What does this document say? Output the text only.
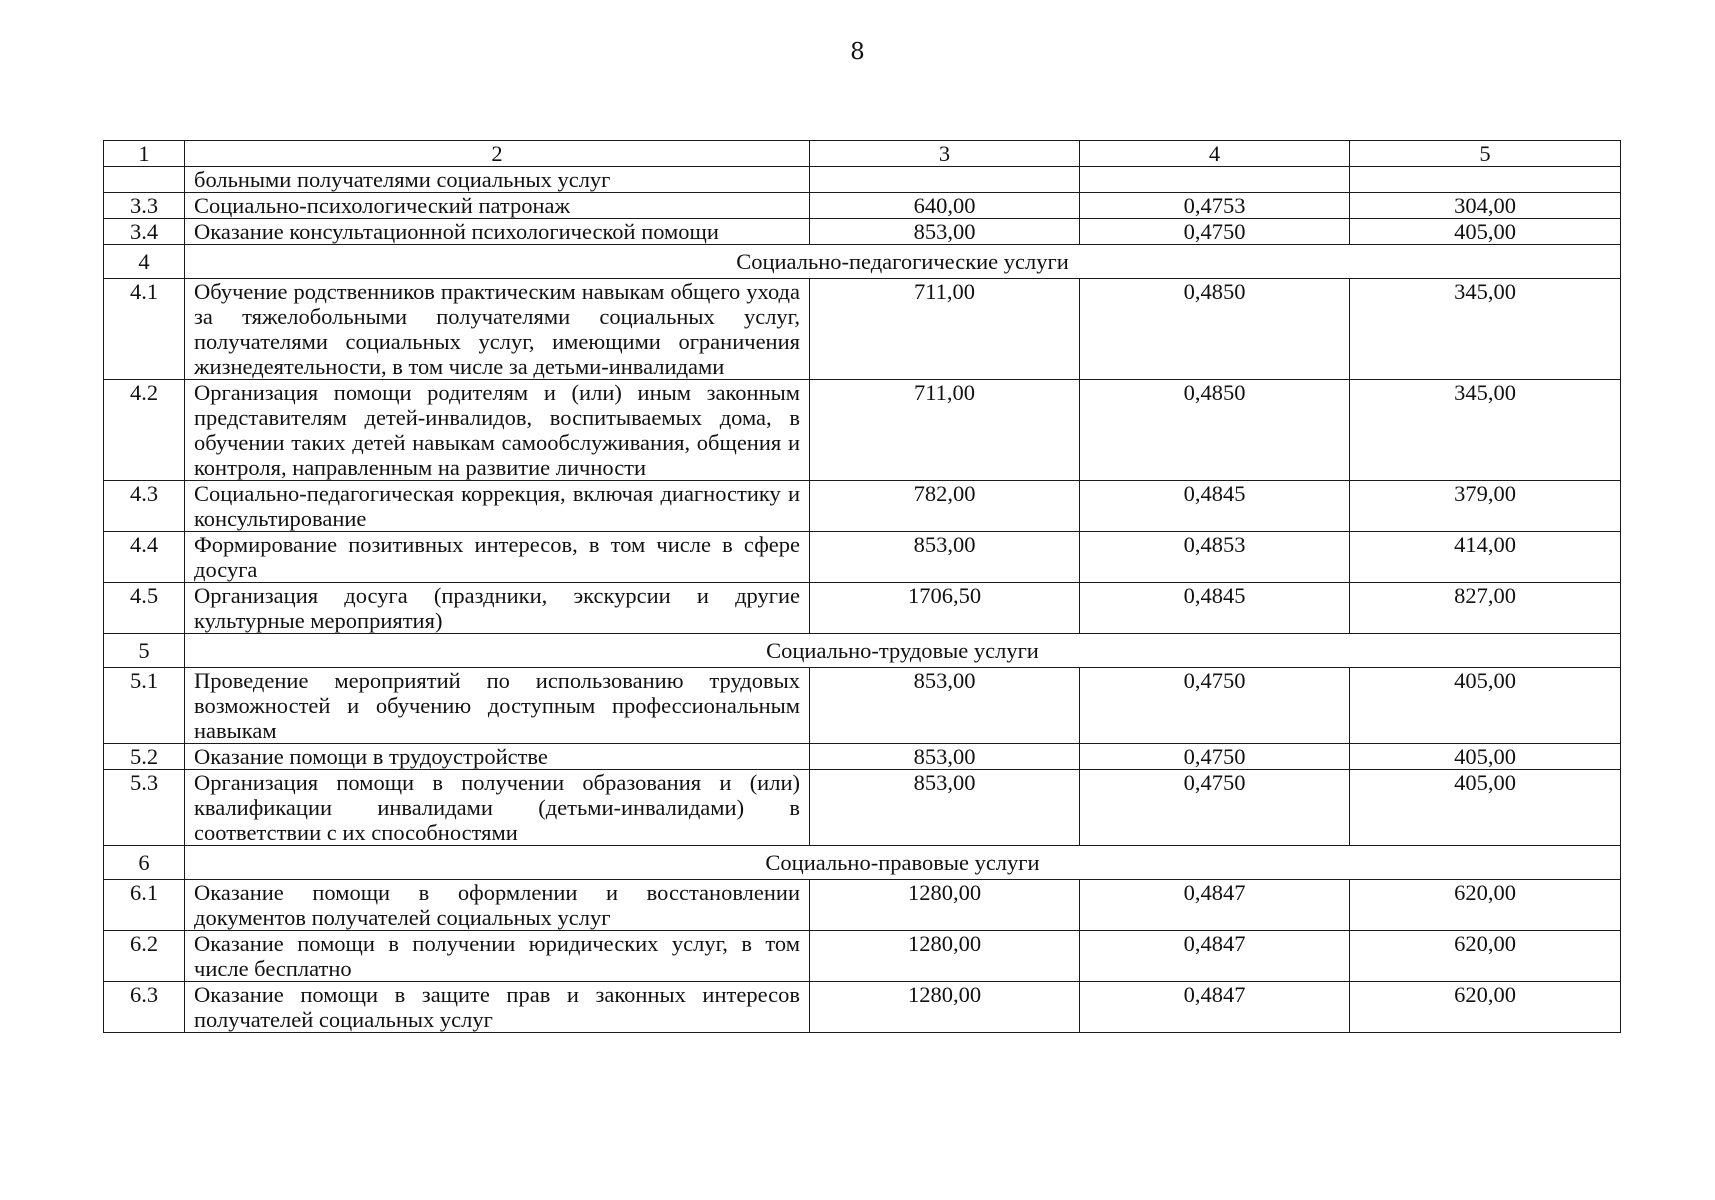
8
1	2	3	4	5
	больными получателями социальных услуг			
3.3	Социально-психологический патронаж	640,00	0,4753	304,00
3.4	Оказание консультационной психологической помощи	853,00	0,4750	405,00
4	Социально-педагогические услуги			
4.1	Обучение родственников практическим навыкам общего ухода за тяжелобольными получателями социальных услуг, получателями социальных услуг, имеющими ограничения жизнедеятельности, в том числе за детьми-инвалидами	711,00	0,4850	345,00
4.2	Организация помощи родителям и (или) иным законным представителям детей-инвалидов, воспитываемых дома, в обучении таких детей навыкам самообслуживания, общения и контроля, направленным на развитие личности	711,00	0,4850	345,00
4.3	Социально-педагогическая коррекция, включая диагностику и консультирование	782,00	0,4845	379,00
4.4	Формирование позитивных интересов, в том числе в сфере досуга	853,00	0,4853	414,00
4.5	Организация досуга (праздники, экскурсии и другие культурные мероприятия)	1706,50	0,4845	827,00
5	Социально-трудовые услуги			
5.1	Проведение мероприятий по использованию трудовых возможностей и обучению доступным профессиональным навыкам	853,00	0,4750	405,00
5.2	Оказание помощи в трудоустройстве	853,00	0,4750	405,00
5.3	Организация помощи в получении образования и (или) квалификации инвалидами (детьми-инвалидами) в соответствии с их способностями	853,00	0,4750	405,00
6	Социально-правовые услуги			
6.1	Оказание помощи в оформлении и восстановлении документов получателей социальных услуг	1280,00	0,4847	620,00
6.2	Оказание помощи в получении юридических услуг, в том числе бесплатно	1280,00	0,4847	620,00
6.3	Оказание помощи в защите прав и законных интересов получателей социальных услуг	1280,00	0,4847	620,00
